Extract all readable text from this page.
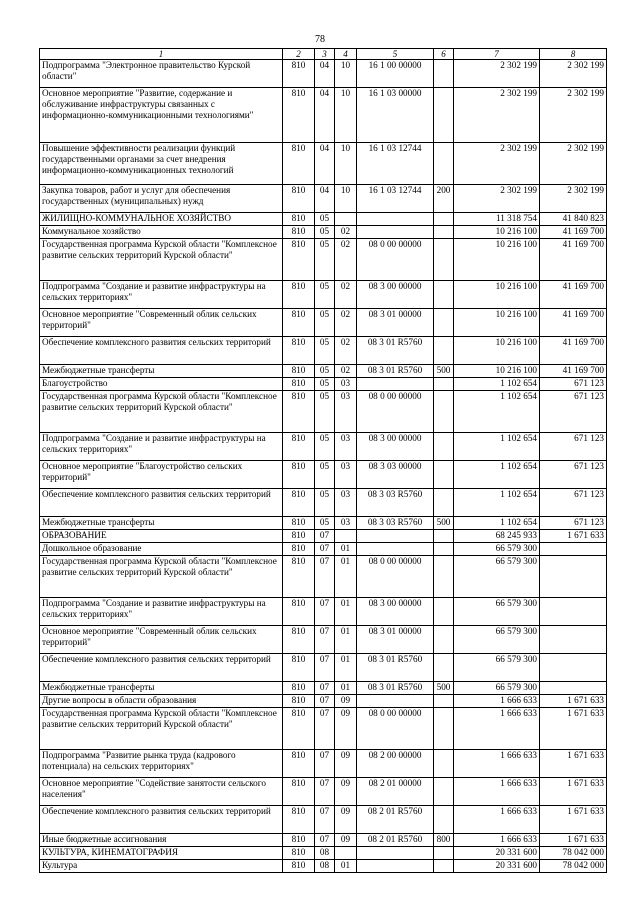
78
1	2	3	4	5	6	7	8
Подпрограмма "Электронное правительство Курской области"	810	04	10	16 1 00 00000		2 302 199	2 302 199
Основное мероприятие "Развитие, содержание и обслуживание инфраструктуры связанных с информационно-коммуникационными технологиями"	810	04	10	16 1 03 00000		2 302 199	2 302 199
Повышение эффективности реализации функций государственными органами за счет внедрения информационно-коммуникационных технологий	810	04	10	16 1 03 12744		2 302 199	2 302 199
Закупка товаров, работ и услуг для обеспечения государственных (муниципальных) нужд	810	04	10	16 1 03 12744	200	2 302 199	2 302 199
ЖИЛИЩНО-КОММУНАЛЬНОЕ ХОЗЯЙСТВО	810	05				11 318 754	41 840 823
Коммунальное хозяйство	810	05	02			10 216 100	41 169 700
Государственная программа Курской области "Комплексное развитие сельских территорий Курской области"	810	05	02	08 0 00 00000		10 216 100	41 169 700
Подпрограмма "Создание и развитие инфраструктуры на сельских территориях"	810	05	02	08 3 00 00000		10 216 100	41 169 700
Основное мероприятие "Современный облик сельских территорий"	810	05	02	08 3 01 00000		10 216 100	41 169 700
Обеспечение комплексного развития сельских территорий	810	05	02	08 3 01 R5760		10 216 100	41 169 700
Межбюджетные трансферты	810	05	02	08 3 01 R5760	500	10 216 100	41 169 700
Благоустройство	810	05	03			1 102 654	671 123
Государственная программа Курской области "Комплексное развитие сельских территорий Курской области"	810	05	03	08 0 00 00000		1 102 654	671 123
Подпрограмма "Создание и развитие инфраструктуры на сельских территориях"	810	05	03	08 3 00 00000		1 102 654	671 123
Основное мероприятие "Благоустройство сельских территорий"	810	05	03	08 3 03 00000		1 102 654	671 123
Обеспечение комплексного развития сельских территорий	810	05	03	08 3 03 R5760		1 102 654	671 123
Межбюджетные трансферты	810	05	03	08 3 03 R5760	500	1 102 654	671 123
ОБРАЗОВАНИЕ	810	07				68 245 933	1 671 633
Дошкольное образование	810	07	01			66 579 300	
Государственная программа Курской области "Комплексное развитие сельских территорий Курской области"	810	07	01	08 0 00 00000		66 579 300	
Подпрограмма "Создание и развитие инфраструктуры на сельских территориях"	810	07	01	08 3 00 00000		66 579 300	
Основное мероприятие "Современный облик сельских территорий"	810	07	01	08 3 01 00000		66 579 300	
Обеспечение комплексного развития сельских территорий	810	07	01	08 3 01 R5760		66 579 300	
Межбюджетные трансферты	810	07	01	08 3 01 R5760	500	66 579 300	
Другие вопросы в области образования	810	07	09			1 666 633	1 671 633
Государственная программа Курской области "Комплексное развитие сельских территорий Курской области"	810	07	09	08 0 00 00000		1 666 633	1 671 633
Подпрограмма "Развитие рынка труда (кадрового потенциала) на сельских территориях"	810	07	09	08 2 00 00000		1 666 633	1 671 633
Основное мероприятие "Содействие занятости сельского населения"	810	07	09	08 2 01 00000		1 666 633	1 671 633
Обеспечение комплексного развития сельских территорий	810	07	09	08 2 01 R5760		1 666 633	1 671 633
Иные бюджетные ассигнования	810	07	09	08 2 01 R5760	800	1 666 633	1 671 633
КУЛЬТУРА, КИНЕМАТОГРАФИЯ	810	08				20 331 600	78 042 000
Культура	810	08	01			20 331 600	78 042 000
